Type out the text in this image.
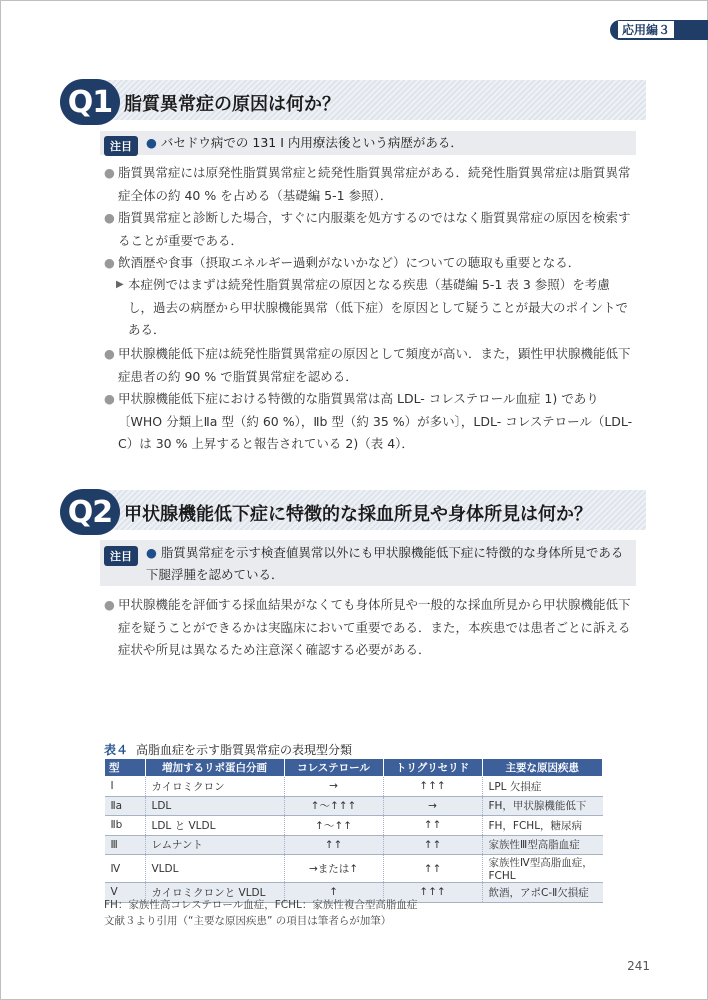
応用編３
Q1 脂質異常症の原因は何か？
注目	● バセドウ病での 131 I 内用療法後という病歴がある．
● 脂質異常症には原発性脂質異常症と続発性脂質異常症がある．続発性脂質異常症は脂質異常症全体の約 40 % を占める（基礎編 5-1 参照）．
● 脂質異常症と診断した場合，すぐに内服薬を処方するのではなく脂質異常症の原因を検索することが重要である．
● 飲酒歴や食事（摂取エネルギー過剰がないかなど）についての聴取も重要となる．
▶ 本症例ではまずは続発性脂質異常症の原因となる疾患（基礎編 5-1 表 3 参照）を考慮し，過去の病歴から甲状腺機能異常（低下症）を原因として疑うことが最大のポイントである．
● 甲状腺機能低下症は続発性脂質異常症の原因として頻度が高い．また，顕性甲状腺機能低下症患者の約 90 % で脂質異常症を認める．
● 甲状腺機能低下症における特徴的な脂質異常は高 LDL- コレステロール血症 1) であり〔WHO 分類上Ⅱa 型（約 60 %），Ⅱb 型（約 35 %）が多い〕，LDL- コレステロール（LDL-C）は 30 % 上昇すると報告されている 2)（表 4）．
Q2 甲状腺機能低下症に特徴的な採血所見や身体所見は何か？
注目	● 脂質異常症を示す検査値異常以外にも甲状腺機能低下症に特徴的な身体所見である下腿浮腫を認めている．
● 甲状腺機能を評価する採血結果がなくても身体所見や一般的な採血所見から甲状腺機能低下症を疑うことができるかは実臨床において重要である．また，本疾患では患者ごとに訴える症状や所見は異なるため注意深く確認する必要がある．
表４ 高脂血症を示す脂質異常症の表現型分類
型	増加するリポ蛋白分画	コレステロール	トリグリセリド	主要な原因疾患
Ⅰ	カイロミクロン	→	↑↑↑	LPL 欠損症
Ⅱa	LDL	↑〜↑↑↑	→	FH，甲状腺機能低下
Ⅱb	LDL と VLDL	↑〜↑↑	↑↑	FH，FCHL，糖尿病
Ⅲ	レムナント	↑↑	↑↑	家族性Ⅲ型高脂血症
Ⅳ	VLDL	→または↑	↑↑	家族性Ⅳ型高脂血症，FCHL
Ⅴ	カイロミクロンと VLDL	↑	↑↑↑	飲酒，アポC-Ⅱ欠損症
FH：家族性高コレステロール血症，FCHL：家族性複合型高脂血症
文献３より引用（“主要な原因疾患” の項目は筆者らが加筆）
241
